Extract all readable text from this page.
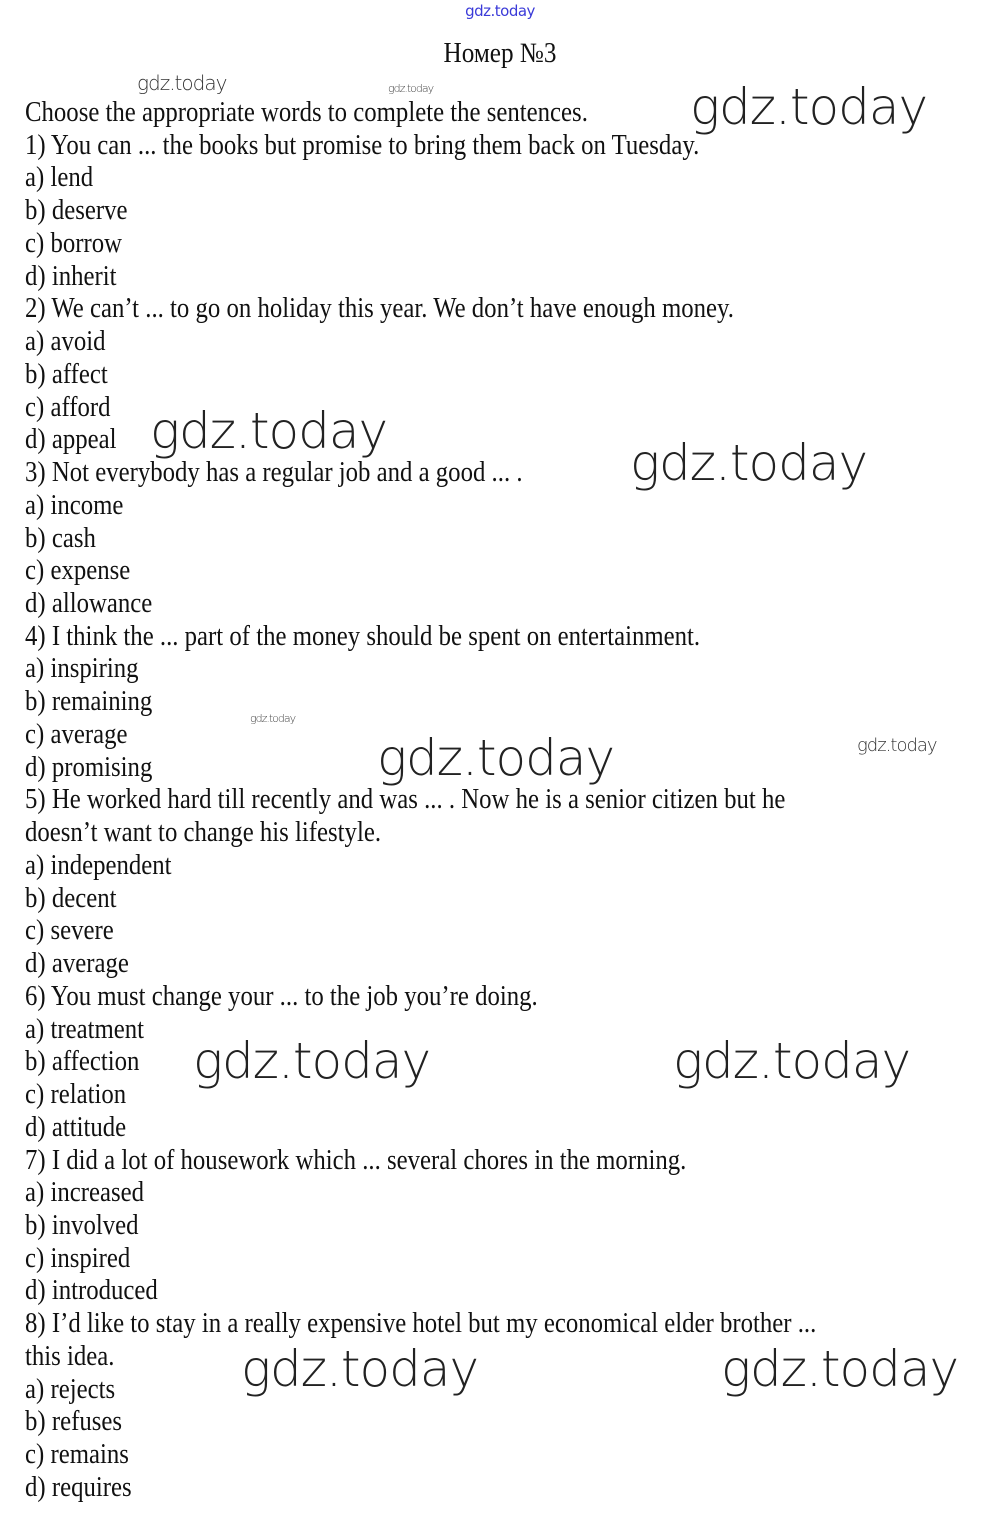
gdz.today
Номер №3
Choose the appropriate words to complete the sentences.
1) You can ... the books but promise to bring them back on Tuesday.
a) lend
b) deserve
c) borrow
d) inherit
2) We can’t ... to go on holiday this year. We don’t have enough money.
a) avoid
b) affect
c) afford
d) appeal
3) Not everybody has a regular job and a good ... .
a) income
b) cash
c) expense
d) allowance
4) I think the ... part of the money should be spent on entertainment.
a) inspiring
b) remaining
c) average
d) promising
5) He worked hard till recently and was ... . Now he is a senior citizen but he
doesn’t want to change his lifestyle.
a) independent
b) decent
c) severe
d) average
6) You must change your ... to the job you’re doing.
a) treatment
b) affection
c) relation
d) attitude
7) I did a lot of housework which ... several chores in the morning.
a) increased
b) involved
c) inspired
d) introduced
8) I’d like to stay in a really expensive hotel but my economical elder brother ...
this idea.
a) rejects
b) refuses
c) remains
d) requires
gdz.today	gdz.today	gdz.today
gdz.today
gdz.today
gdz.today
gdz.today	gdz.today
gdz.today	gdz.today
gdz.today	gdz.today
